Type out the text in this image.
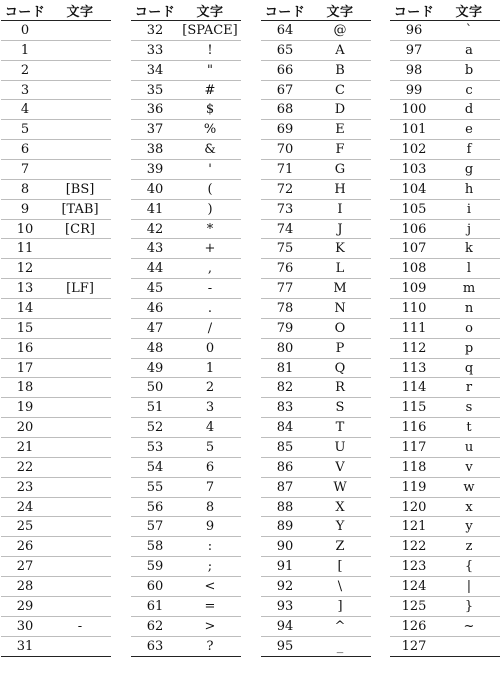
コード	文字
0
1
2
3
4
5
6
7
8	[BS]
9	[TAB]
10	[CR]
11
12
13	[LF]
14
15
16
17
18
19
20
21
22
23
24
25
26
27
28
29
30	-
31
コード	文字
32	[SPACE]
33	!
34	"
35	#
36	$
37	%
38	&
39	'
40	(
41	)
42	*
43	+
44	,
45	-
46	.
47	/
48	0
49	1
50	2
51	3
52	4
53	5
54	6
55	7
56	8
57	9
58	:
59	;
60	<
61	=
62	>
63	?
コード	文字
64	@
65	A
66	B
67	C
68	D
69	E
70	F
71	G
72	H
73	I
74	J
75	K
76	L
77	M
78	N
79	O
80	P
81	Q
82	R
83	S
84	T
85	U
86	V
87	W
88	X
89	Y
90	Z
91	[
92	\
93	]
94	^
95	_
コード	文字
96	`
97	a
98	b
99	c
100	d
101	e
102	f
103	g
104	h
105	i
106	j
107	k
108	l
109	m
110	n
111	o
112	p
113	q
114	r
115	s
116	t
117	u
118	v
119	w
120	x
121	y
122	z
123	{
124	|
125	}
126	~
127
